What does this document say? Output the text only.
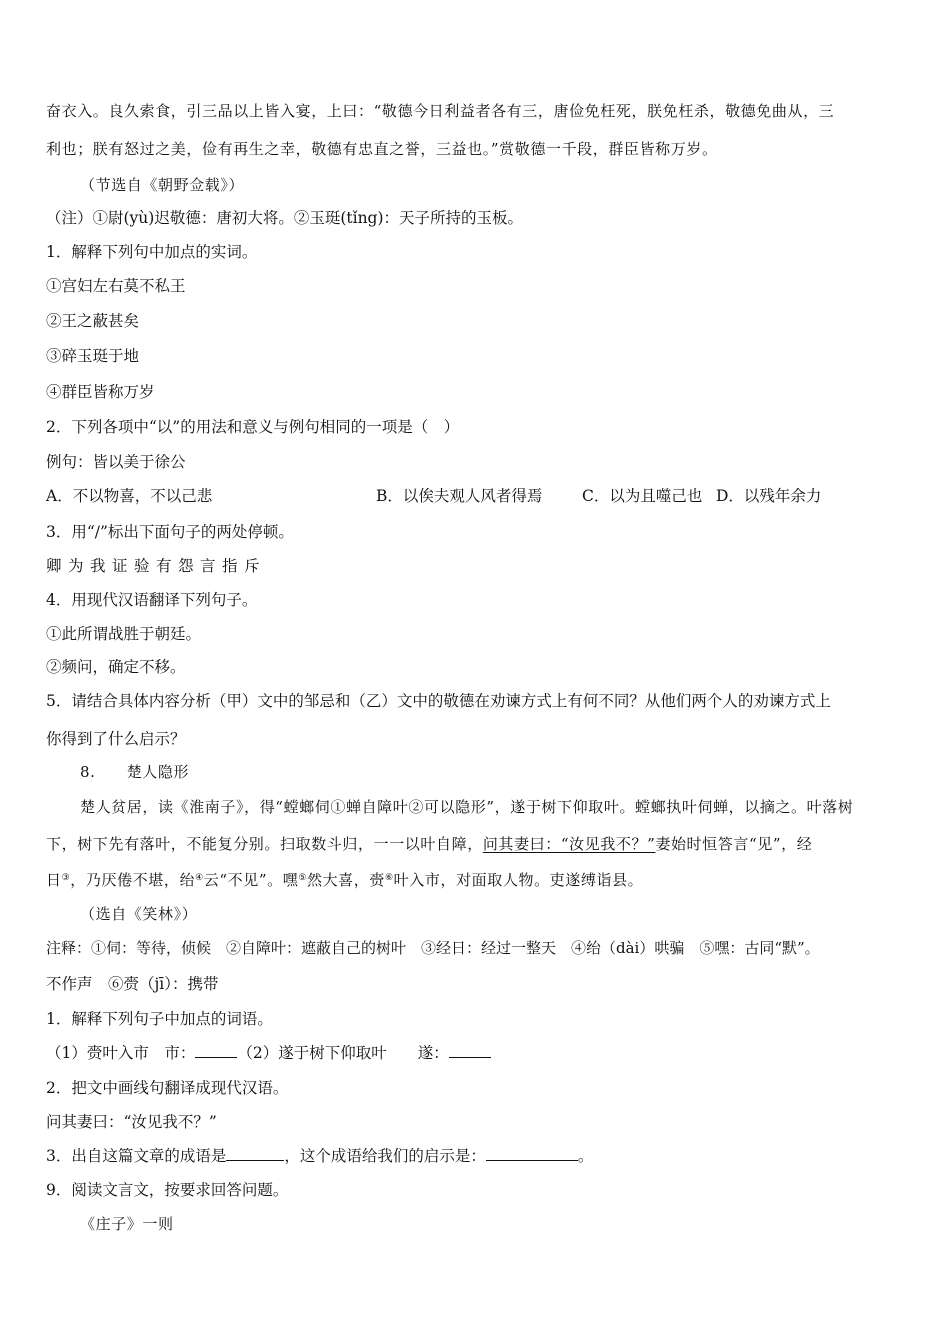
奋衣入。良久索食，引三品以上皆入宴，上曰：“敬德今日利益者各有三，唐俭免枉死，朕免枉杀，敬德免曲从，三
利也；朕有怒过之美，俭有再生之幸，敬德有忠直之誉，三益也。”赏敬德一千段，群臣皆称万岁。
（节选自《朝野佥载》）
（注）①尉(yù)迟敬德：唐初大将。②玉珽(tǐng)：天子所持的玉板。
1．解释下列句中加点的实词。
①宫妇左右莫不私王
②王之蔽甚矣
③碎玉珽于地
④群臣皆称万岁
2．下列各项中“以”的用法和意义与例句相同的一项是（　）
例句：皆以美于徐公
A．不以物喜，不以己悲	B．以俟夫观人风者得焉	C．以为且噬己也 D．以残年余力
3．用“/”标出下面句子的两处停顿。
卿为我证验有怨言指斥
4．用现代汉语翻译下列句子。
①此所谓战胜于朝廷。
②频问，确定不移。
5．请结合具体内容分析（甲）文中的邹忌和（乙）文中的敬德在劝谏方式上有何不同？从他们两个人的劝谏方式上
你得到了什么启示？
8.　　楚人隐形
楚人贫居，读《淮南子》，得“螳螂伺①蝉自障叶②可以隐形”，遂于树下仰取叶。螳螂执叶伺蝉，以摘之。叶落树
下，树下先有落叶，不能复分别。扫取数斗归，一一以叶自障，问其妻曰：“汝见我不？”妻始时恒答言“见”，经
日③，乃厌倦不堪，绐④云“不见”。嘿⑤然大喜，赍⑥叶入市，对面取人物。吏遂缚诣县。
（选自《笑林》）
注释：①伺：等待，侦候　②自障叶：遮蔽自己的树叶　③经日：经过一整天　④绐（dài）哄骗　⑤嘿：古同“默”。
不作声　⑥赍（jī）：携带
1．解释下列句子中加点的词语。
（1）赍叶入市　市：	（2）遂于树下仰取叶　　遂：
2．把文中画线句翻译成现代汉语。
问其妻曰：“汝见我不？”
3．出自这篇文章的成语是	，这个成语给我们的启示是：	。
9．阅读文言文，按要求回答问题。
《庄子》一则
